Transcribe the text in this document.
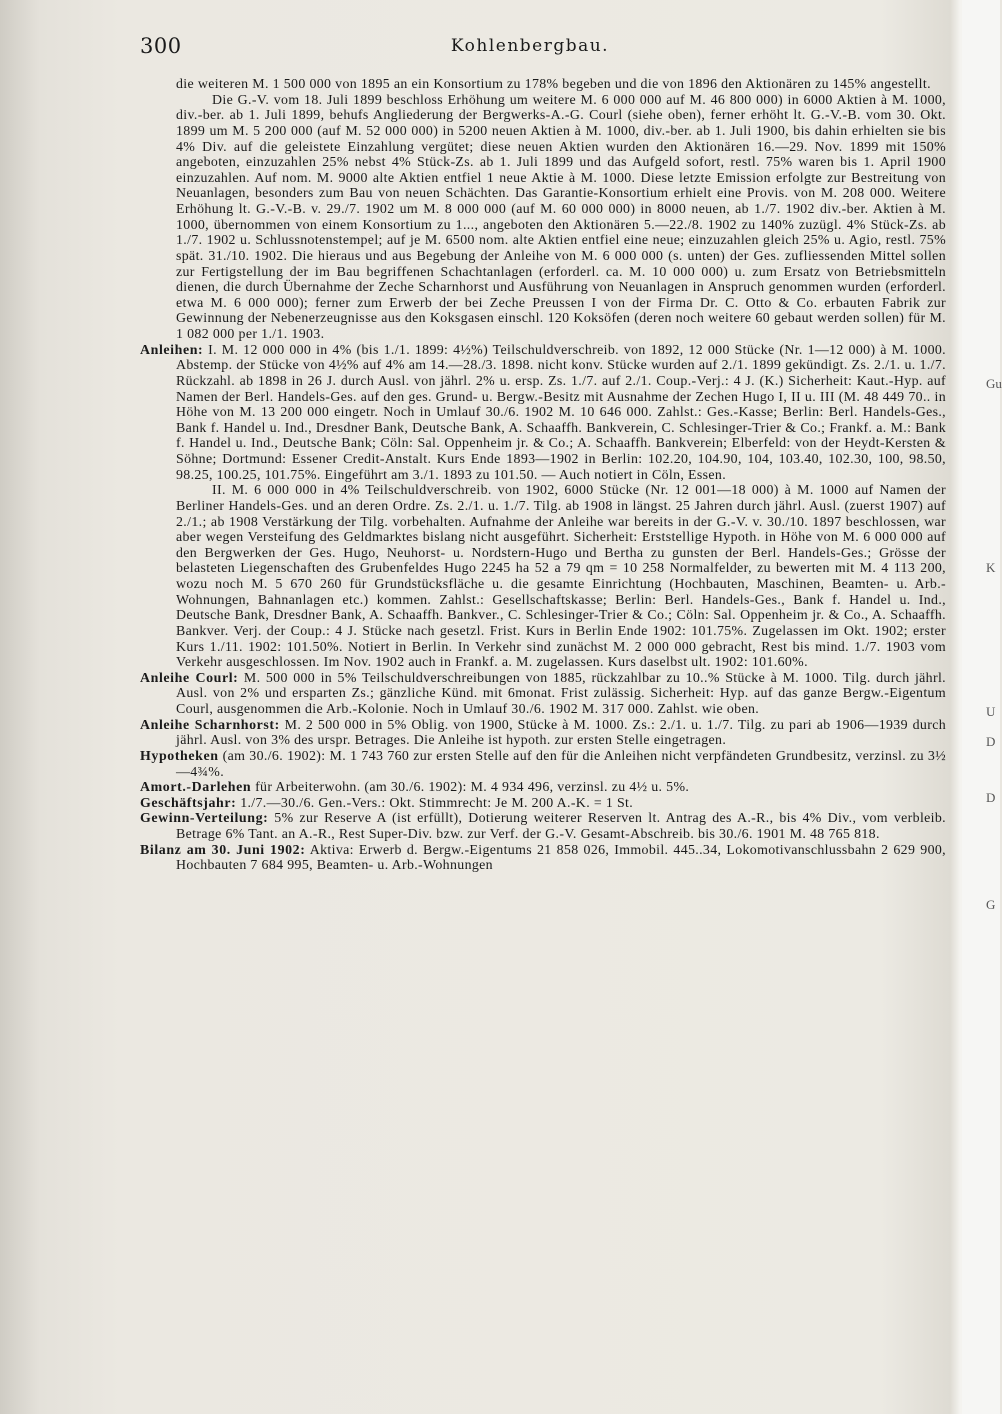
300	Kohlenbergbau.

die weiteren M. 1 500 000 von 1895 an ein Konsortium zu 178% begeben und die von 1896 den Aktionären zu 145% angestellt.

Die G.-V. vom 18. Juli 1899 beschloss Erhöhung um weitere M. 6 000 000 auf M. 46 800 000) in 6000 Aktien à M. 1000, div.-ber. ab 1. Juli 1899, behufs Angliederung der Bergwerks-A.-G. Courl (siehe oben), ferner erhöht lt. G.-V.-B. vom 30. Okt. 1899 um M. 5 200 000 (auf M. 52 000 000) in 5200 neuen Aktien à M. 1000, div.-ber. ab 1. Juli 1900, bis dahin erhielten sie bis 4% Div. auf die geleistete Einzahlung vergütet; diese neuen Aktien wurden den Aktionären 16.—29. Nov. 1899 mit 150% angeboten, einzuzahlen 25% nebst 4% Stück-Zs. ab 1. Juli 1899 und das Aufgeld sofort, restl. 75% waren bis 1. April 1900 einzuzahlen. Auf nom. M. 9000 alte Aktien entfiel 1 neue Aktie à M. 1000. Diese letzte Emission erfolgte zur Bestreitung von Neuanlagen, besonders zum Bau von neuen Schächten. Das Garantie-Konsortium erhielt eine Provis. von M. 208 000. Weitere Erhöhung lt. G.-V.-B. v. 29./7. 1902 um M. 8 000 000 (auf M. 60 000 000) in 8000 neuen, ab 1./7. 1902 div.-ber. Aktien à M. 1000, übernommen von einem Konsortium zu 1..., angeboten den Aktionären 5.—22./8. 1902 zu 140% zuzügl. 4% Stück-Zs. ab 1./7. 1902 u. Schlussnotenstempel; auf je M. 6500 nom. alte Aktien entfiel eine neue; einzuzahlen gleich 25% u. Agio, restl. 75% spät. 31./10. 1902. Die hieraus und aus Begebung der Anleihe von M. 6 000 000 (s. unten) der Ges. zufliessenden Mittel sollen zur Fertigstellung der im Bau begriffenen Schachtanlagen (erforderl. ca. M. 10 000 000) u. zum Ersatz von Betriebsmitteln dienen, die durch Übernahme der Zeche Scharnhorst und Ausführung von Neuanlagen in Anspruch genommen wurden (erforderl. etwa M. 6 000 000); ferner zum Erwerb der bei Zeche Preussen I von der Firma Dr. C. Otto & Co. erbauten Fabrik zur Gewinnung der Nebenerzeugnisse aus den Koksgasen einschl. 120 Koksöfen (deren noch weitere 60 gebaut werden sollen) für M. 1 082 000 per 1./1. 1903.

Anleihen: I. M. 12 000 000 in 4% (bis 1./1. 1899: 4½%) Teilschuldverschreib. von 1892, 12 000 Stücke (Nr. 1—12 000) à M. 1000. Abstemp. der Stücke von 4½% auf 4% am 14.—28./3. 1898. nicht konv. Stücke wurden auf 2./1. 1899 gekündigt. Zs. 2./1. u. 1./7. Rückzahl. ab 1898 in 26 J. durch Ausl. von jährl. 2% u. ersp. Zs. 1./7. auf 2./1. Coup.-Verj.: 4 J. (K.) Sicherheit: Kaut.-Hyp. auf Namen der Berl. Handels-Ges. auf den ges. Grund- u. Bergw.-Besitz mit Ausnahme der Zechen Hugo I, II u. III (M. 48 449 70.. in Höhe von M. 13 200 000 eingetr. Noch in Umlauf 30./6. 1902 M. 10 646 000. Zahlst.: Ges.-Kasse; Berlin: Berl. Handels-Ges., Bank f. Handel u. Ind., Dresdner Bank, Deutsche Bank, A. Schaaffh. Bankverein, C. Schlesinger-Trier & Co.; Frankf. a. M.: Bank f. Handel u. Ind., Deutsche Bank; Cöln: Sal. Oppenheim jr. & Co.; A. Schaaffh. Bankverein; Elberfeld: von der Heydt-Kersten & Söhne; Dortmund: Essener Credit-Anstalt. Kurs Ende 1893—1902 in Berlin: 102.20, 104.90, 104, 103.40, 102.30, 100, 98.50, 98.25, 100.25, 101.75%. Eingeführt am 3./1. 1893 zu 101.50. — Auch notiert in Cöln, Essen.

II. M. 6 000 000 in 4% Teilschuldverschreib. von 1902, 6000 Stücke (Nr. 12 001—18 000) à M. 1000 auf Namen der Berliner Handels-Ges. und an deren Ordre. Zs. 2./1. u. 1./7. Tilg. ab 1908 in längst. 25 Jahren durch jährl. Ausl. (zuerst 1907) auf 2./1.; ab 1908 Verstärkung der Tilg. vorbehalten. Aufnahme der Anleihe war bereits in der G.-V. v. 30./10. 1897 beschlossen, war aber wegen Versteifung des Geldmarktes bislang nicht ausgeführt. Sicherheit: Erststellige Hypoth. in Höhe von M. 6 000 000 auf den Bergwerken der Ges. Hugo, Neuhorst- u. Nordstern-Hugo und Bertha zu gunsten der Berl. Handels-Ges.; Grösse der belasteten Liegenschaften des Grubenfeldes Hugo 2245 ha 52 a 79 qm = 10 258 Normalfelder, zu bewerten mit M. 4 113 200, wozu noch M. 5 670 260 für Grundstücksfläche u. die gesamte Einrichtung (Hochbauten, Maschinen, Beamten- u. Arb.-Wohnungen, Bahnanlagen etc.) kommen. Zahlst.: Gesellschaftskasse; Berlin: Berl. Handels-Ges., Bank f. Handel u. Ind., Deutsche Bank, Dresdner Bank, A. Schaaffh. Bankver., C. Schlesinger-Trier & Co.; Cöln: Sal. Oppenheim jr. & Co., A. Schaaffh. Bankver. Verj. der Coup.: 4 J. Stücke nach gesetzl. Frist. Kurs in Berlin Ende 1902: 101.75%. Zugelassen im Okt. 1902; erster Kurs 1./11. 1902: 101.50%. Notiert in Berlin. In Verkehr sind zunächst M. 2 000 000 gebracht, Rest bis mind. 1./7. 1903 vom Verkehr ausgeschlossen. Im Nov. 1902 auch in Frankf. a. M. zugelassen. Kurs daselbst ult. 1902: 101.60%.

Anleihe Courl: M. 500 000 in 5% Teilschuldverschreibungen von 1885, rückzahlbar zu 10..% Stücke à M. 1000. Tilg. durch jährl. Ausl. von 2% und ersparten Zs.; gänzliche Künd. mit 6monat. Frist zulässig. Sicherheit: Hyp. auf das ganze Bergw.-Eigentum Courl, ausgenommen die Arb.-Kolonie. Noch in Umlauf 30./6. 1902 M. 317 000. Zahlst. wie oben.

Anleihe Scharnhorst: M. 2 500 000 in 5% Oblig. von 1900, Stücke à M. 1000. Zs.: 2./1. u. 1./7. Tilg. zu pari ab 1906—1939 durch jährl. Ausl. von 3% des urspr. Betrages. Die Anleihe ist hypoth. zur ersten Stelle eingetragen.

Hypotheken (am 30./6. 1902): M. 1 743 760 zur ersten Stelle auf den für die Anleihen nicht verpfändeten Grundbesitz, verzinsl. zu 3½—4¾%.

Amort.-Darlehen für Arbeiterwohn. (am 30./6. 1902): M. 4 934 496, verzinsl. zu 4½ u. 5%.

Geschäftsjahr: 1./7.—30./6. Gen.-Vers.: Okt. Stimmrecht: Je M. 200 A.-K. = 1 St.

Gewinn-Verteilung: 5% zur Reserve A (ist erfüllt), Dotierung weiterer Reserven lt. Antrag des A.-R., bis 4% Div., vom verbleib. Betrage 6% Tant. an A.-R., Rest Super-Div. bzw. zur Verf. der G.-V. Gesamt-Abschreib. bis 30./6. 1901 M. 48 765 818.

Bilanz am 30. Juni 1902: Aktiva: Erwerb d. Bergw.-Eigentums 21 858 026, Immobil. 445..34, Lokomotivanschlussbahn 2 629 900, Hochbauten 7 684 995, Beamten- u. Arb.-Wohnungen

Gu
K
U
D
D
G
